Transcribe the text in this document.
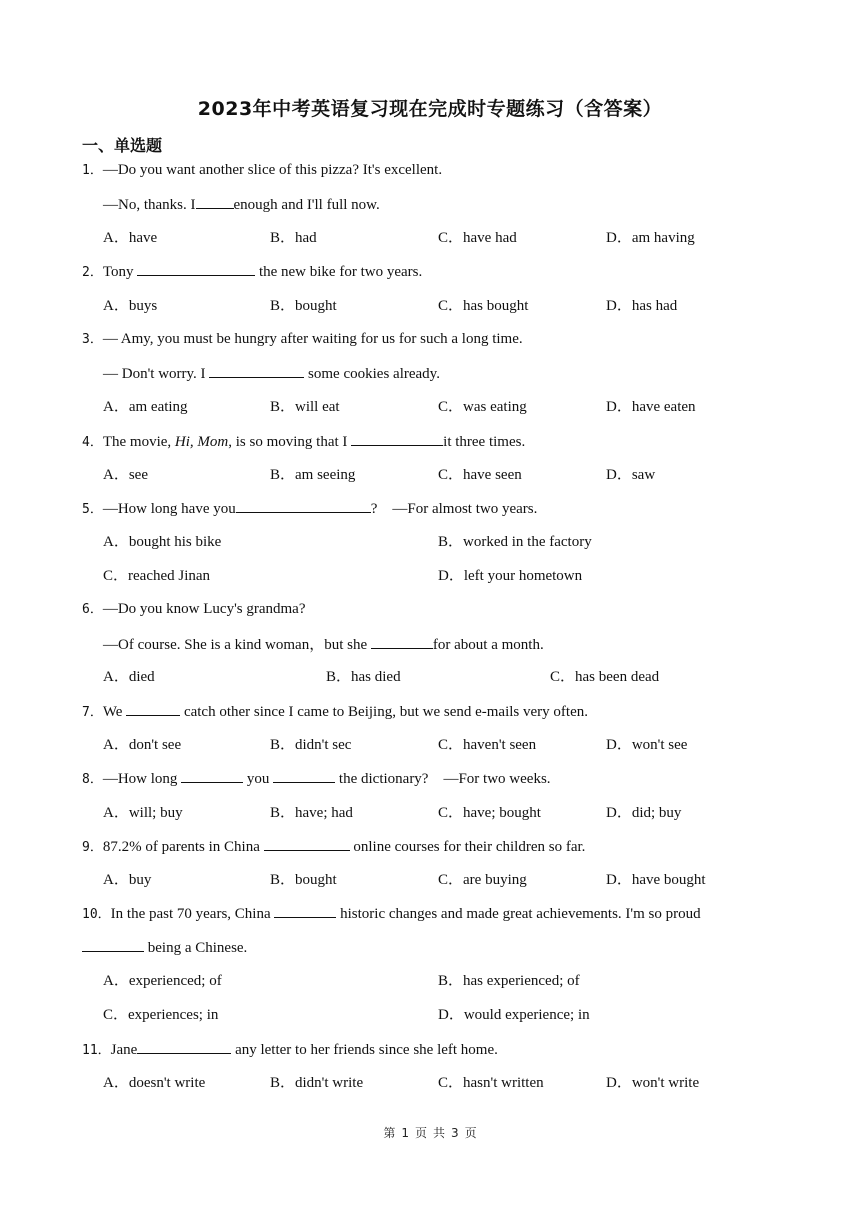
2023年中考英语复习现在完成时专题练习（含答案）
一、单选题
1．—Do you want another slice of this pizza? It's excellent.
—No, thanks. I	enough and I'll full now.
A．have	B．had	C．have had	D．am having
2．Tony	the new bike for two years.
A．buys	B．bought	C．has bought	D．has had
3．— Amy, you must be hungry after waiting for us for such a long time.
— Don't worry. I	some cookies already.
A．am eating	B．will eat	C．was eating	D．have eaten
4．The movie, Hi, Mom, is so moving that I	it three times.
A．see	B．am seeing	C．have seen	D．saw
5．—How long have you	?　—For almost two years.
A．bought his bike	B．worked in the factory
C．reached Jinan	D．left your hometown
6．—Do you know Lucy's grandma?
—Of course. She is a kind woman，but she	for about a month.
A．died	B．has died	C．has been dead
7．We	catch other since I came to Beijing, but we send e-mails very often.
A．don't see	B．didn't sec	C．haven't seen	D．won't see
8．—How long	you	the dictionary?　—For two weeks.
A．will; buy	B．have; had	C．have; bought	D．did; buy
9．87.2% of parents in China	online courses for their children so far.
A．buy	B．bought	C．are buying	D．have bought
10．In the past 70 years, China	historic changes and made great achievements. I'm so proud
being a Chinese.
A．experienced; of	B．has experienced; of
C．experiences; in	D．would experience; in
11．Jane	any letter to her friends since she left home.
A．doesn't write	B．didn't write	C．hasn't written	D．won't write
第 1 页 共 3 页
